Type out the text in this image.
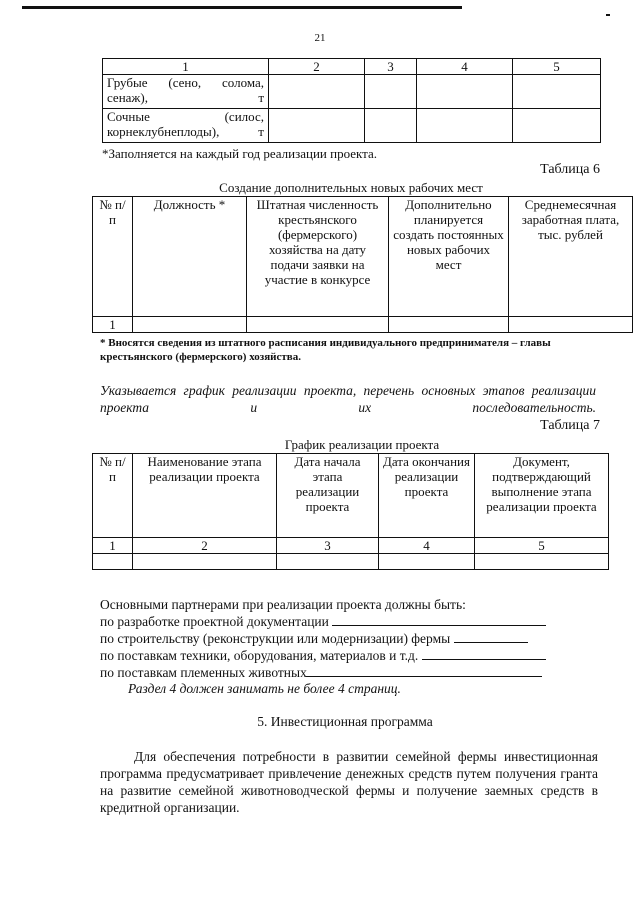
21
1	2	3	4	5
Грубые (сено, солома, сенаж), т				
Сочные (силос, корнеклубнеплоды), т				
*Заполняется на каждый год реализации проекта.
Таблица 6
Создание дополнительных новых рабочих мест
№ п/п	Должность *	Штатная численность крестьянского (фермерского) хозяйства на дату подачи заявки на участие в конкурсе	Дополнительно планируется создать постоянных новых рабочих мест	Среднемесячная заработная плата, тыс. рублей
1				
* Вносятся сведения из штатного расписания индивидуального предпринимателя – главы крестьянского (фермерского) хозяйства.
Указывается график реализации проекта, перечень основных этапов реализации проекта и их последовательность.
Таблица 7
График реализации проекта
№ п/п	Наименование этапа реализации проекта	Дата начала этапа реализации проекта	Дата окончания реализации проекта	Документ, подтверждающий выполнение этапа реализации проекта
1	2	3	4	5

Основными партнерами при реализации проекта должны быть:
по разработке проектной документации
по строительству (реконструкции или модернизации) фермы
по поставкам техники, оборудования, материалов и т.д.
по поставкам племенных животных
Раздел 4 должен занимать не более 4 страниц.
5. Инвестиционная программа
Для обеспечения потребности в развитии семейной фермы инвестиционная программа предусматривает привлечение денежных средств путем получения гранта на развитие семейной животноводческой фермы и получение заемных средств в кредитной организации.
